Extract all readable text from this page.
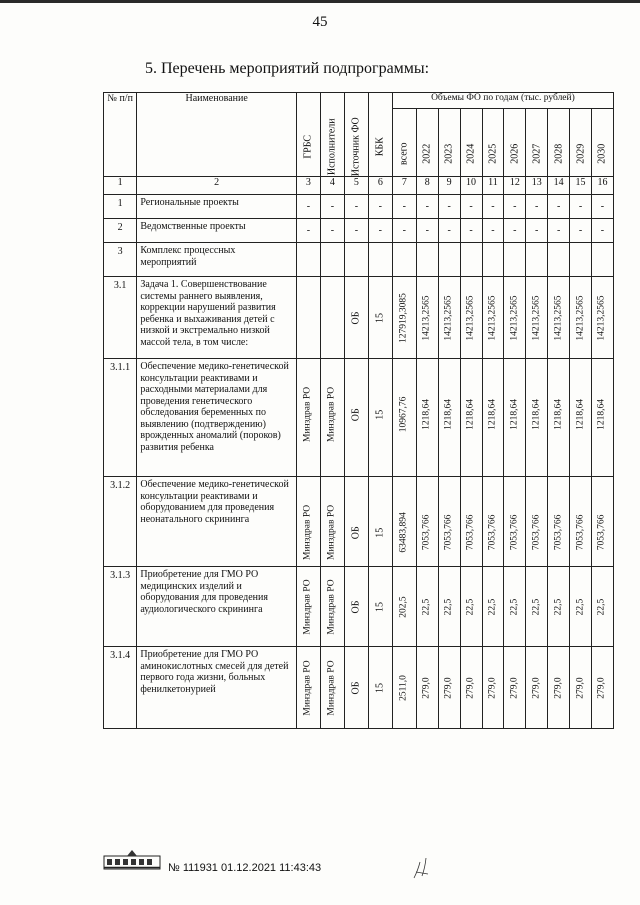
45
5. Перечень мероприятий подпрограммы:
№ п/п	Наименование	ГРБС	Исполнители	Источник ФО	КБК	Объемы ФО по годам (тыс. рублей)									

						всего	2022	2023	2024	2025	2026	2027	2028	2029	2030

1	2	3	4	5	6	7	8	9	10	11	12	13	14	15	16
1	Региональные проекты	-	-	-	-	-	-	-	-	-	-	-	-	-	-
2	Ведомственные проекты	-	-	-	-	-	-	-	-	-	-	-	-	-	-
3	Комплекс процессных мероприятий														
3.1	Задача 1. Совершенствование системы раннего выявления, коррекции нарушений развития ребенка и выхаживания детей с низкой и экстремально низкой массой тела, в том числе:			ОБ	15	127919,3085	14213,2565	14213,2565	14213,2565	14213,2565	14213,2565	14213,2565	14213,2565	14213,2565	14213,2565

3.1.1	Обеспечение медико-генетической консультации реактивами и расходными материалами для проведения генетического обследования беременных по выявлению (подтверждению) врожденных аномалий (пороков) развития ребенка	Минздрав РО	Минздрав РО	ОБ	15	10967,76	1218,64	1218,64	1218,64	1218,64	1218,64	1218,64	1218,64	1218,64	1218,64

3.1.2	Обеспечение медико-генетической консультации реактивами и оборудованием для проведения неонатального скрининга	Минздрав РО	Минздрав РО	ОБ	15	63483,894	7053,766	7053,766	7053,766	7053,766	7053,766	7053,766	7053,766	7053,766	7053,766

3.1.3	Приобретение для ГМО РО медицинских изделий и оборудования для проведения аудиологического скрининга	Минздрав РО	Минздрав РО	ОБ	15	202,5	22,5	22,5	22,5	22,5	22,5	22,5	22,5	22,5	22,5

3.1.4	Приобретение для ГМО РО аминокислотных смесей для детей первого года жизни, больных фенилкетонурией	Минздрав РО	Минздрав РО	ОБ	15	2511,0	279,0	279,0	279,0	279,0	279,0	279,0	279,0	279,0	279,0
№ 111931 01.12.2021 11:43:43
